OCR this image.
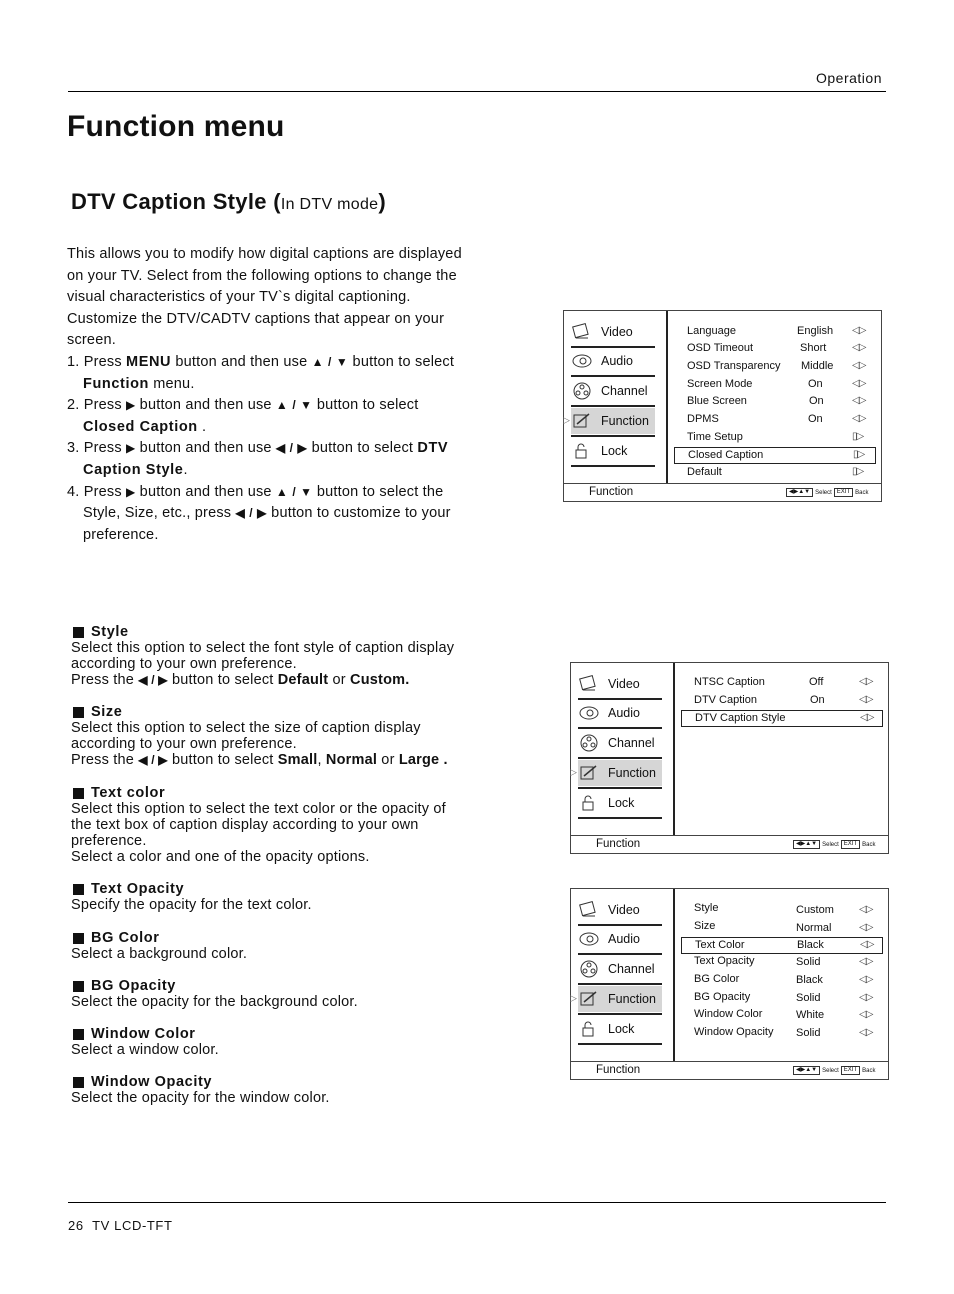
Operation
Function menu
DTV Caption Style (In DTV mode)
This allows you to modify how digital captions are displayed
on your TV. Select from the following options to change the
visual characteristics of your TV`s digital captioning.
Customize the DTV/CADTV captions that appear on your
screen.
1. Press MENU button and then use ▲ / ▼ button to select
Function menu.
2. Press ▶ button and then use ▲ / ▼ button to select
Closed Caption .
3. Press ▶ button and then use ◀ / ▶ button to select DTV
Caption Style.
4. Press ▶ button and then use ▲ / ▼ button to select the
Style, Size, etc., press ◀ / ▶ button to customize to your
preference.
Style
Select this option to select the font style of caption display
according to your own preference.
Press the ◀ / ▶ button to select Default or Custom.
Size
Select this option to select the size of caption display
according to your own preference.
Press the ◀ / ▶ button to select Small, Normal or Large .
Text color
Select this option to select the text color or the opacity of
the text box of caption display according to your own
preference.
Select a color and one of the opacity options.
Text Opacity
Specify the opacity for the text color.
BG Color
Select a background color.
BG Opacity
Select the opacity for the background color.
Window Color
Select a window color.
Window Opacity
Select the opacity for the window color.
Video
Audio
Channel
▷ Function
Lock
Language	English ◁▷
OSD Timeout	Short	◁▷
OSD Transparency Middle ◁▷
Screen Mode	On	◁▷
Blue Screen	On	◁▷
DPMS	On	◁▷
Time Setup	▯▷
Closed Caption	▯▷
Default	▯▷
Function	◀▶▲▼ Select EXIT Back
Video
Audio
Channel
▷ Function
Lock
NTSC Caption	Off	◁▷
DTV Caption	On	◁▷
DTV Caption Style	◁▷
Function	◀▶▲▼ Select EXIT Back
Video
Audio
Channel
▷ Function
Lock
Style	Custom	◁▷
Size	Normal	◁▷
Text Color	Black	◁▷
Text Opacity	Solid	◁▷
BG Color	Black	◁▷
BG Opacity	Solid	◁▷
Window Color	White	◁▷
Window Opacity Solid	◁▷
Function	◀▶▲▼ Select EXIT Back
26 TV LCD-TFT
